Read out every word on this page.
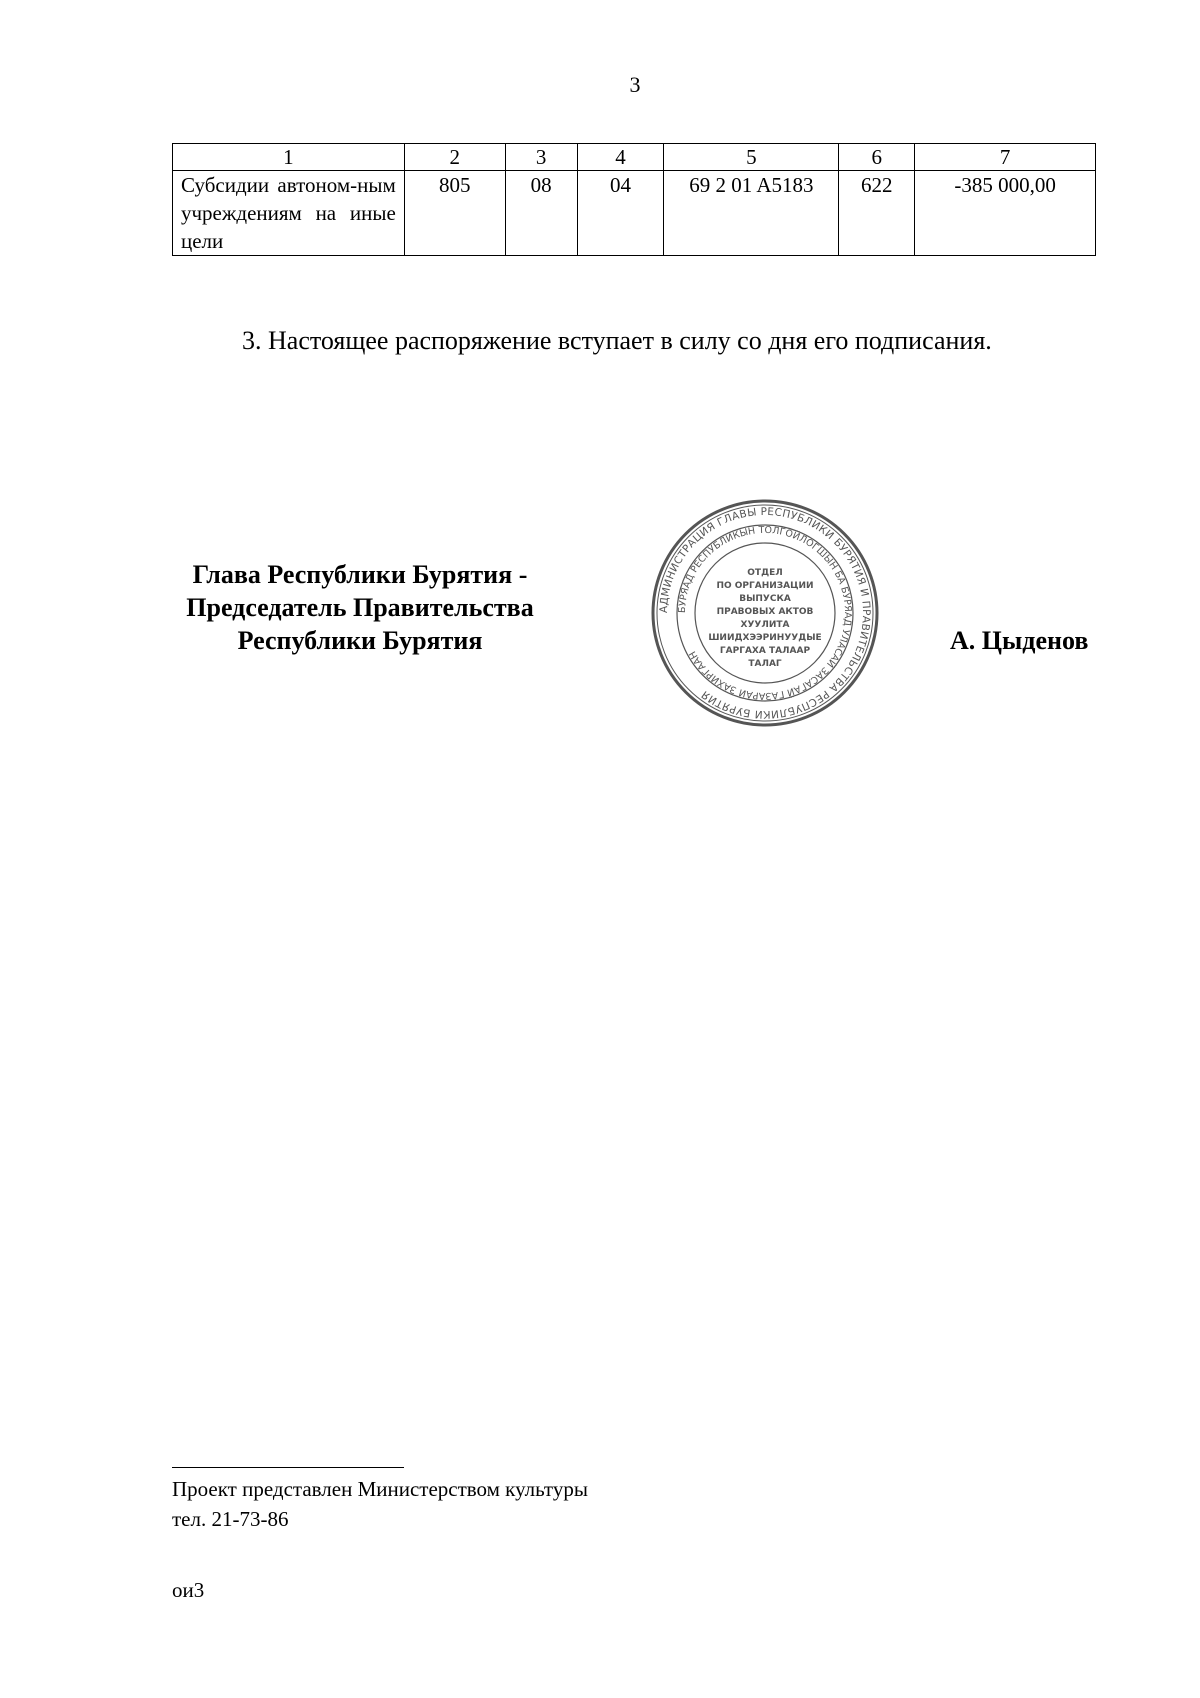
3
1	2	3	4	5	6	7
Субсидии автоном-ным учреждениям на иные цели	805	08	04	69 2 01 A5183	622	-385 000,00
3. Настоящее распоряжение вступает в силу со дня его подписания.
Глава Республики Бурятия -
Председатель Правительства
Республики Бурятия
АДМИНИСТРАЦИЯ ГЛАВЫ РЕСПУБЛИКИ БУРЯТИЯ И ПРАВИТЕЛЬСТВА РЕСПУБЛИКИ БУРЯТИЯ
БУРЯАД РЕСПУБЛИКЫН ТОЛГОЙЛОГШЫН БА БУРЯАД УЛАСАЙ ЗАСАГАЙ ГАЗАРАЙ ЗАХИРГААН
ОТДЕЛ
ПО ОРГАНИЗАЦИИ
ВЫПУСКА
ПРАВОВЫХ АКТОВ
ХУУЛИТА
ШИИДХЭЭРИНУУДЫЕ
ГАРГАХА ТАЛААР
ТАЛАГ
А. Цыденов
Проект представлен Министерством культуры
тел. 21-73-86
ои3
